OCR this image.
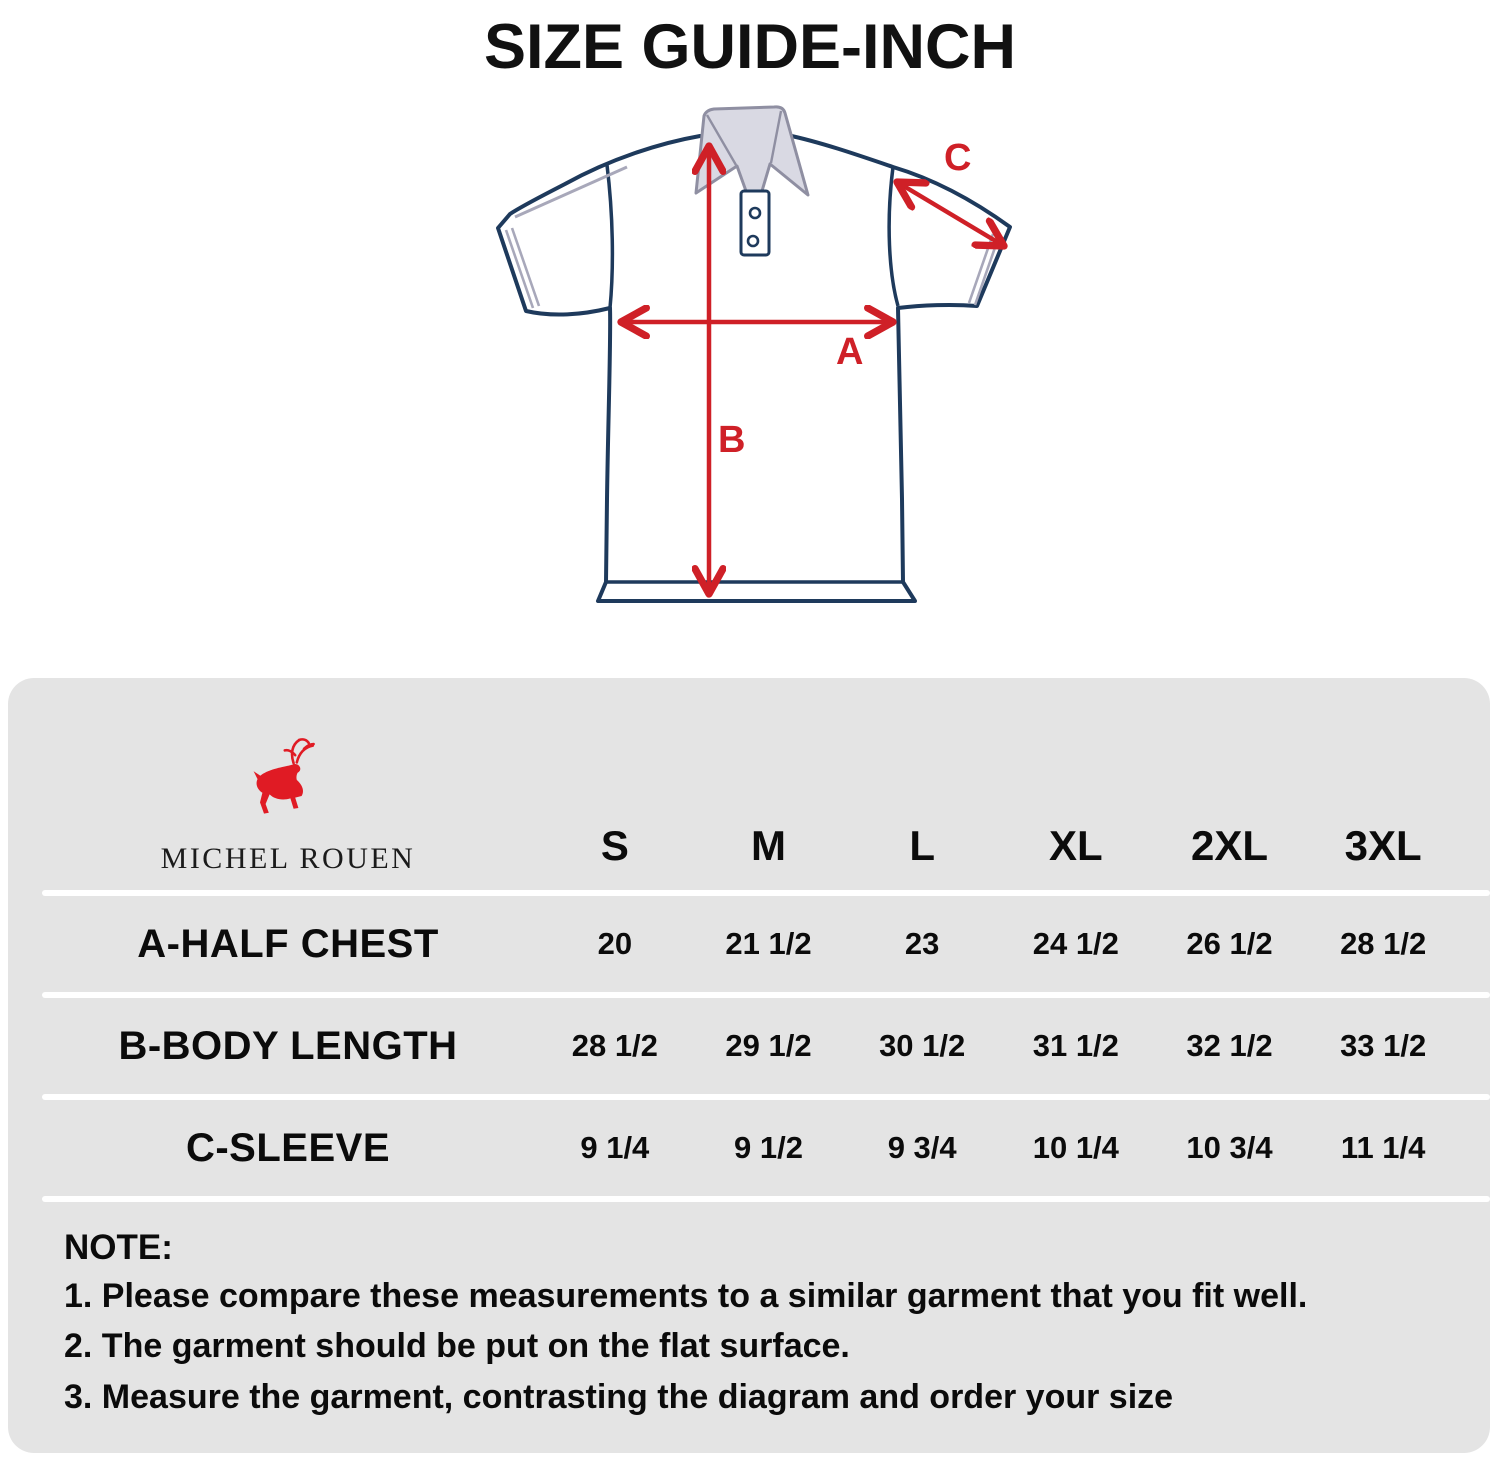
SIZE GUIDE-INCH
A
B
C
MICHEL ROUEN	S	M	L	XL	2XL	3XL
A-HALF CHEST	20	21 1/2	23	24 1/2	26 1/2	28 1/2
B-BODY LENGTH	28 1/2	29 1/2	30 1/2	31 1/2	32 1/2	33 1/2
C-SLEEVE	9 1/4	9 1/2	9 3/4	10 1/4	10 3/4	11 1/4
NOTE:
1. Please compare these measurements to a similar garment that you fit well.
2. The garment should be put on the flat surface.
3. Measure the garment, contrasting the diagram and order your size
